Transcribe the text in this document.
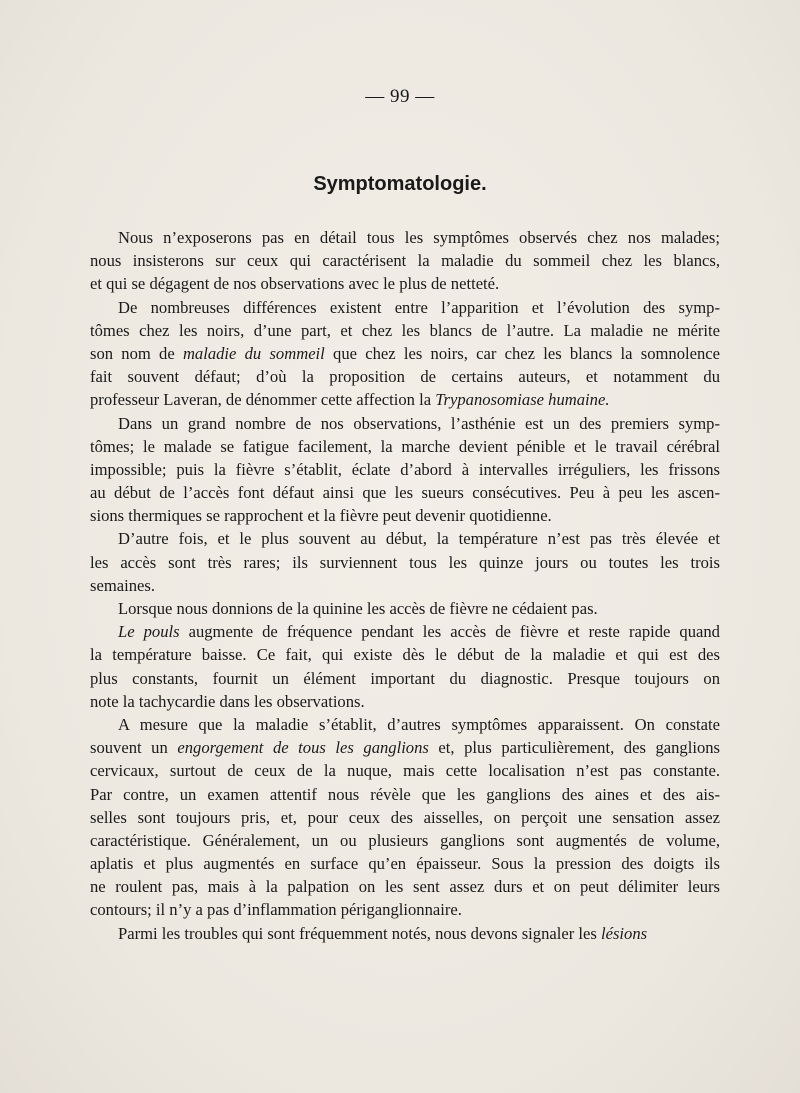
— 99 —
Symptomatologie.
Nous n’exposerons pas en détail tous les symptômes observés chez nos malades;
nous insisterons sur ceux qui caractérisent la maladie du sommeil chez les blancs,
et qui se dégagent de nos observations avec le plus de netteté.
De nombreuses différences existent entre l’apparition et l’évolution des symp-
tômes chez les noirs, d’une part, et chez les blancs de l’autre. La maladie ne mérite
son nom de maladie du sommeil que chez les noirs, car chez les blancs la somnolence
fait souvent défaut; d’où la proposition de certains auteurs, et notamment du
professeur Laveran, de dénommer cette affection la Trypanosomiase humaine.
Dans un grand nombre de nos observations, l’asthénie est un des premiers symp-
tômes; le malade se fatigue facilement, la marche devient pénible et le travail cérébral
impossible; puis la fièvre s’établit, éclate d’abord à intervalles irréguliers, les frissons
au début de l’accès font défaut ainsi que les sueurs consécutives. Peu à peu les ascen-
sions thermiques se rapprochent et la fièvre peut devenir quotidienne.
D’autre fois, et le plus souvent au début, la température n’est pas très élevée et
les accès sont très rares; ils surviennent tous les quinze jours ou toutes les trois
semaines.
Lorsque nous donnions de la quinine les accès de fièvre ne cédaient pas.
Le pouls augmente de fréquence pendant les accès de fièvre et reste rapide quand
la température baisse. Ce fait, qui existe dès le début de la maladie et qui est des
plus constants, fournit un élément important du diagnostic. Presque toujours on
note la tachycardie dans les observations.
A mesure que la maladie s’établit, d’autres symptômes apparaissent. On constate
souvent un engorgement de tous les ganglions et, plus particulièrement, des ganglions
cervicaux, surtout de ceux de la nuque, mais cette localisation n’est pas constante.
Par contre, un examen attentif nous révèle que les ganglions des aines et des ais-
selles sont toujours pris, et, pour ceux des aisselles, on perçoit une sensation assez
caractéristique. Généralement, un ou plusieurs ganglions sont augmentés de volume,
aplatis et plus augmentés en surface qu’en épaisseur. Sous la pression des doigts ils
ne roulent pas, mais à la palpation on les sent assez durs et on peut délimiter leurs
contours; il n’y a pas d’inflammation périganglionnaire.
Parmi les troubles qui sont fréquemment notés, nous devons signaler les lésions
